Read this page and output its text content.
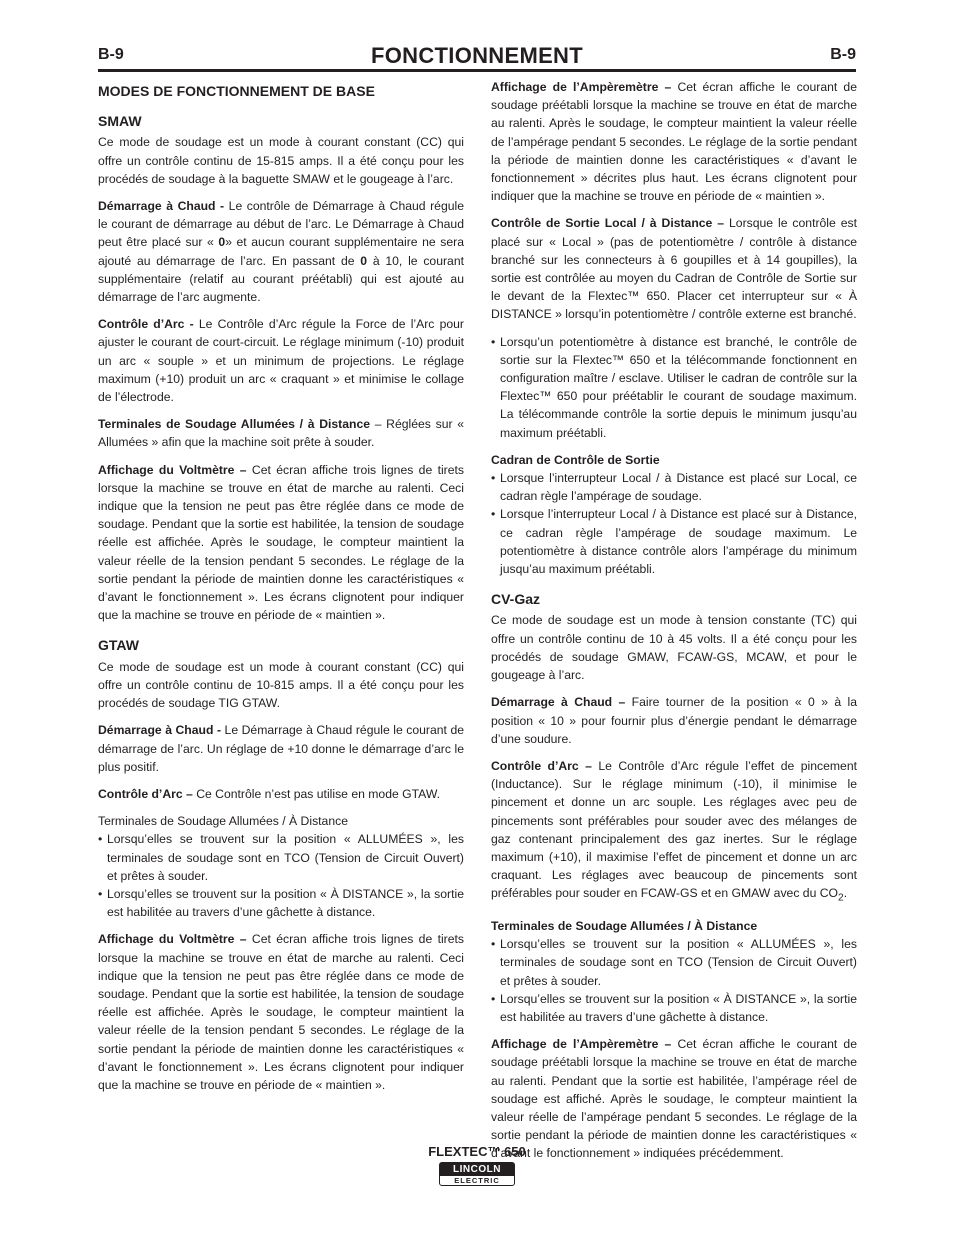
B-9	FONCTIONNEMENT	B-9
MODES DE FONCTIONNEMENT DE BASE
SMAW

Ce mode de soudage est un mode à courant constant (CC) qui offre un contrôle continu de 15-815 amps. Il a été conçu pour les procédés de soudage à la baguette SMAW et le gougeage à l’arc.

Démarrage à Chaud - Le contrôle de Démarrage à Chaud régule le courant de démarrage au début de l’arc. Le Démarrage à Chaud peut être placé sur « 0» et aucun courant supplémentaire ne sera ajouté au démarrage de l’arc. En passant de 0 à 10, le courant supplémentaire (relatif au courant préétabli) qui est ajouté au démarrage de l’arc augmente.

Contrôle d’Arc - Le Contrôle d’Arc régule la Force de l’Arc pour ajuster le courant de court-circuit. Le réglage minimum (-10) produit un arc « souple » et un minimum de projections. Le réglage maximum (+10) produit un arc « craquant » et minimise le collage de l’électrode.

Terminales de Soudage Allumées / à Distance – Réglées sur « Allumées » afin que la machine soit prête à souder.

Affichage du Voltmètre – Cet écran affiche trois lignes de tirets lorsque la machine se trouve en état de marche au ralenti. Ceci indique que la tension ne peut pas être réglée dans ce mode de soudage. Pendant que la sortie est habilitée, la tension de soudage réelle est affichée. Après le soudage, le compteur maintient la valeur réelle de la tension pendant 5 secondes. Le réglage de la sortie pendant la période de maintien donne les caractéristiques « d’avant le fonctionnement ». Les écrans clignotent pour indiquer que la machine se trouve en période de « maintien ».

GTAW

Ce mode de soudage est un mode à courant constant (CC) qui offre un contrôle continu de 10-815 amps. Il a été conçu pour les procédés de soudage TIG GTAW.

Démarrage à Chaud - Le Démarrage à Chaud régule le courant de démarrage de l’arc. Un réglage de +10 donne le démarrage d’arc le plus positif.

Contrôle d’Arc – Ce Contrôle n’est pas utilise en mode GTAW.

Terminales de Soudage Allumées / À Distance
• Lorsqu’elles se trouvent sur la position « ALLUMÉES », les terminales de soudage sont en TCO (Tension de Circuit Ouvert) et prêtes à souder.
• Lorsqu’elles se trouvent sur la position « À DISTANCE », la sortie est habilitée au travers d’une gâchette à distance.

Affichage du Voltmètre – Cet écran affiche trois lignes de tirets lorsque la machine se trouve en état de marche au ralenti. Ceci indique que la tension ne peut pas être réglée dans ce mode de soudage. Pendant que la sortie est habilitée, la tension de soudage réelle est affichée. Après le soudage, le compteur maintient la valeur réelle de la tension pendant 5 secondes. Le réglage de la sortie pendant la période de maintien donne les caractéristiques « d’avant le fonctionnement ». Les écrans clignotent pour indiquer que la machine se trouve en période de « maintien ».

Affichage de l’Ampèremètre – Cet écran affiche le courant de soudage préétabli lorsque la machine se trouve en état de marche au ralenti. Après le soudage, le compteur maintient la valeur réelle de l’ampérage pendant 5 secondes. Le réglage de la sortie pendant la période de maintien donne les caractéristiques « d’avant le fonctionnement » décrites plus haut. Les écrans clignotent pour indiquer que la machine se trouve en période de « maintien ».

Contrôle de Sortie Local / à Distance – Lorsque le contrôle est placé sur « Local » (pas de potentiomètre / contrôle à distance branché sur les connecteurs à 6 goupilles et à 14 goupilles), la sortie est contrôlée au moyen du Cadran de Contrôle de Sortie sur le devant de la Flextec™ 650. Placer cet interrupteur sur « À DISTANCE » lorsqu’in potentiomètre / contrôle externe est branché.

• Lorsqu’un potentiomètre à distance est branché, le contrôle de sortie sur la Flextec™ 650 et la télécommande fonctionnent en configuration maître / esclave. Utiliser le cadran de contrôle sur la Flextec™ 650 pour préétablir le courant de soudage maximum. La télécommande contrôle la sortie depuis le minimum jusqu’au maximum préétabli.
Cadran de Contrôle de Sortie
• Lorsque l’interrupteur Local / à Distance est placé sur Local, ce cadran règle l’ampérage de soudage.
• Lorsque l’interrupteur Local / à Distance est placé sur à Distance, ce cadran règle l’ampérage de soudage maximum. Le potentiomètre à distance contrôle alors l’ampérage du minimum jusqu’au maximum préétabli.
CV-Gaz

Ce mode de soudage est un mode à tension constante (TC) qui offre un contrôle continu de 10 à 45 volts. Il a été conçu pour les procédés de soudage GMAW, FCAW-GS, MCAW, et pour le gougeage à l’arc.

Démarrage à Chaud – Faire tourner de la position « 0 » à la position « 10 » pour fournir plus d’énergie pendant le démarrage d’une soudure.

Contrôle d’Arc – Le Contrôle d’Arc régule l’effet de pincement (Inductance). Sur le réglage minimum (-10), il minimise le pincement et donne un arc souple. Les réglages avec peu de pincements sont préférables pour souder avec des mélanges de gaz contenant principalement des gaz inertes. Sur le réglage maximum (+10), il maximise l’effet de pincement et donne un arc craquant. Les réglages avec beaucoup de pincements sont préférables pour souder en FCAW-GS et en GMAW avec du $CO_2$.

Terminales de Soudage Allumées / À Distance
• Lorsqu’elles se trouvent sur la position « ALLUMÉES », les terminales de soudage sont en TCO (Tension de Circuit Ouvert) et prêtes à souder.
• Lorsqu’elles se trouvent sur la position « À DISTANCE », la sortie est habilitée au travers d’une gâchette à distance.

Affichage de l’Ampèremètre – Cet écran affiche le courant de soudage préétabli lorsque la machine se trouve en état de marche au ralenti. Pendant que la sortie est habilitée, l’ampérage réel de soudage est affiché. Après le soudage, le compteur maintient la valeur réelle de l’ampérage pendant 5 secondes. Le réglage de la sortie pendant la période de maintien donne les caractéristiques « d’avant le fonctionnement » indiquées précédemment.

FLEXTEC™ 650
LINCOLN
ELECTRIC
